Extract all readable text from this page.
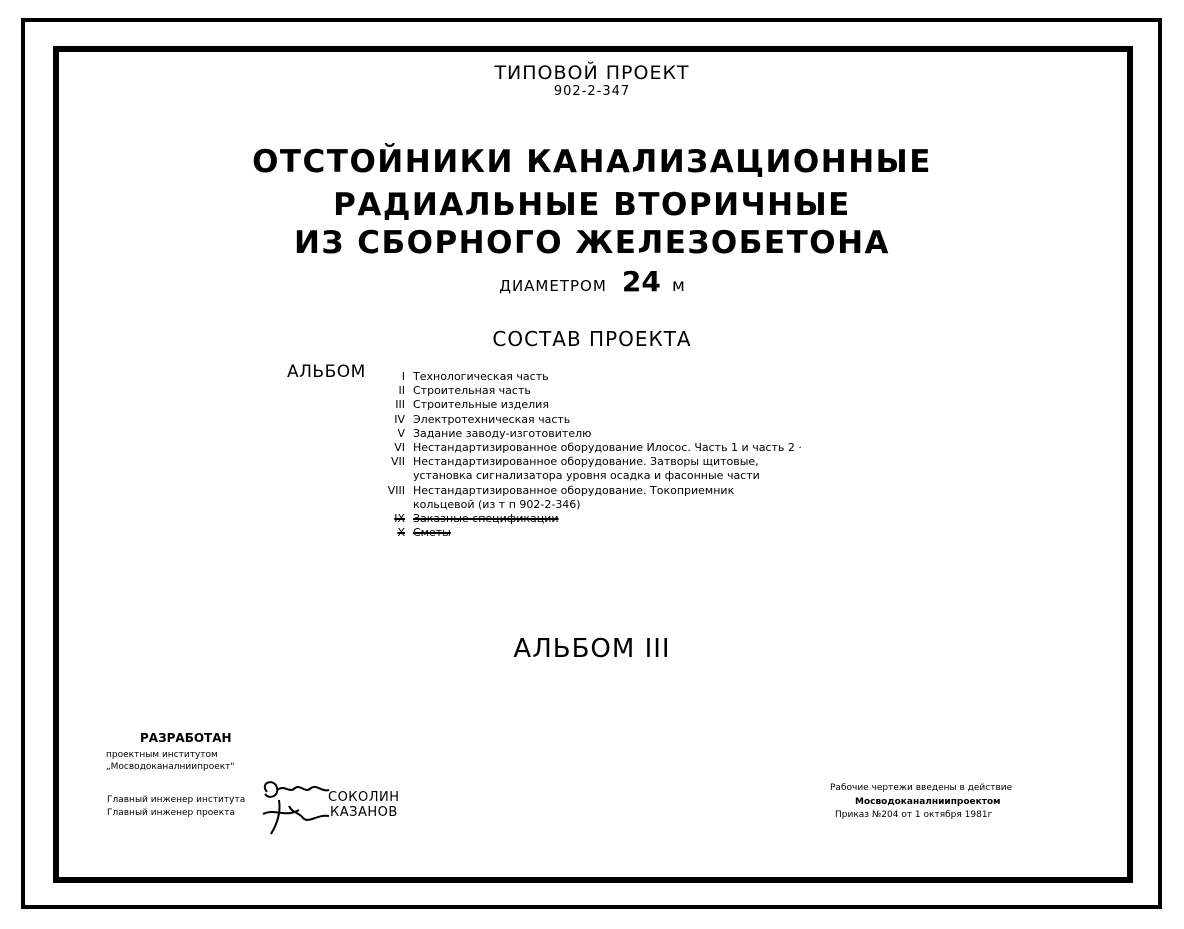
ТИПОВОЙ ПРОЕКТ
902-2-347
ОТСТОЙНИКИ КАНАЛИЗАЦИОННЫЕ
РАДИАЛЬНЫЕ ВТОРИЧНЫЕ
ИЗ СБОРНОГО ЖЕЛЕЗОБЕТОНА
ДИАМЕТРОМ 24 м
СОСТАВ ПРОЕКТА
АЛЬБОМ	I Технологическая часть
II Строительная часть
III Строительные изделия
IV Электротехническая часть
V Задание заводу-изготовителю
VI Нестандартизированное оборудование Илосос. Часть 1 и часть 2 ·
VII Нестандартизированное оборудование. Затворы щитовые,
установка сигнализатора уровня осадка и фасонные части
VIII Нестандартизированное оборудование. Токоприемник
кольцевой (из т п 902-2-346)
IX Заказные спецификации
X Сметы
АЛЬБОМ III
РАЗРАБОТАН
проектным институтом
„Мосводоканалниипроект"
Главный инженер института
Главный инженер проекта
СОКОЛИН
КАЗАНОВ
Рабочие чертежи введены в действие
Мосводоканалниипроектом
Приказ №204 от 1 октября 1981г
